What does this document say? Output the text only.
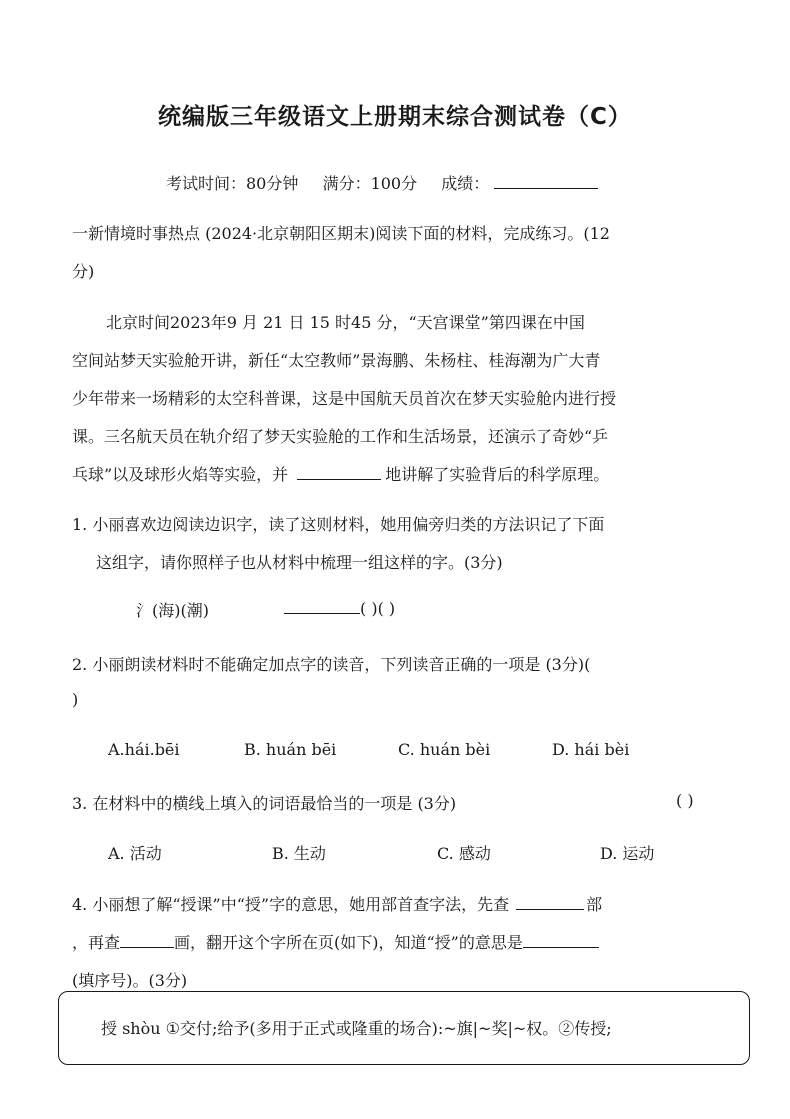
统编版三年级语文上册期末综合测试卷（C）
考试时间：80分钟 满分：100分 成绩：
一新情境时事热点 (2024·北京朝阳区期末)阅读下面的材料，完成练习。(12
分)
北京时间2023年9 月 21 日 15 时45 分，“天宫课堂”第四课在中国
空间站梦天实验舱开讲，新任“太空教师”景海鹏、朱杨柱、桂海潮为广大青
少年带来一场精彩的太空科普课，这是中国航天员首次在梦天实验舱内进行授
课。三名航天员在轨介绍了梦天实验舱的工作和生活场景，还演示了奇妙“乒
乓球”以及球形火焰等实验，并	地讲解了实验背后的科学原理。
1. 小丽喜欢边阅读边识字，读了这则材料，她用偏旁归类的方法识记了下面
这组字，请你照样子也从材料中梳理一组这样的字。(3分)
氵(海)(潮)	( )( )
2. 小丽朗读材料时不能确定加点字的读音，下列读音正确的一项是 (3分)(
)
A.hái.bēi	B. huán bēi	C. huán bèi	D. hái bèi
3. 在材料中的横线上填入的词语最恰当的一项是 (3分)	( )
A. 活动	B. 生动	C. 感动	D. 运动
4. 小丽想了解“授课”中“授”字的意思，她用部首查字法，先查	部
，再查	画，翻开这个字所在页(如下)，知道“授”的意思是
(填序号)。(3分)
授 shòu ①交付;给予(多用于正式或隆重的场合):~旗|~奖|~权。②传授;
